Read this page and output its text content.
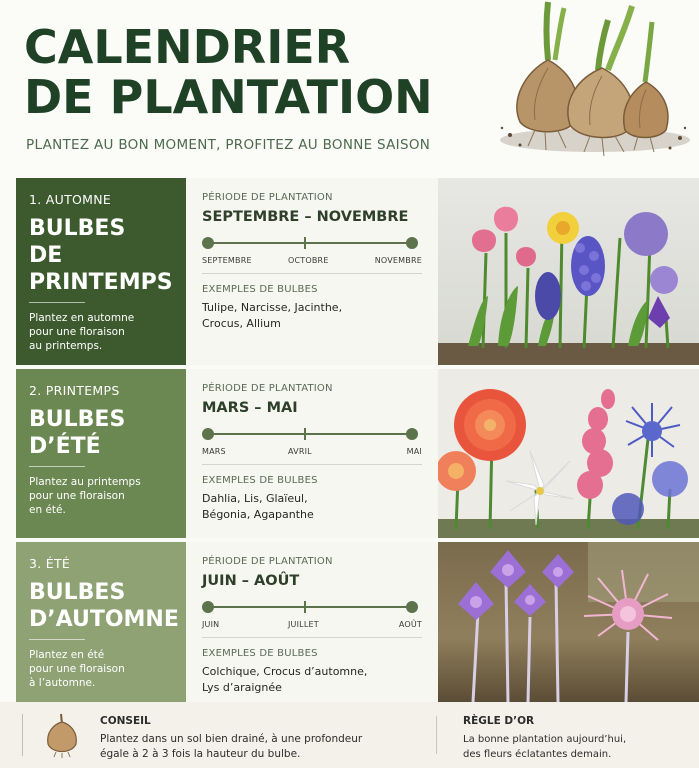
CALENDRIER
DE PLANTATION
PLANTEZ AU BON MOMENT, PROFITEZ AU BONNE SAISON
1. AUTOMNE
BULBES
DE
PRINTEMPS
Plantez en automne
pour une floraison
au printemps.
PÉRIODE DE PLANTATION
SEPTEMBRE – NOVEMBRE
SEPTEMBRE	OCTOBRE	NOVEMBRE
EXEMPLES DE BULBES
Tulipe, Narcisse, Jacinthe,
Crocus, Allium
2. PRINTEMPS
BULBES
D’ÉTÉ
Plantez au printemps
pour une floraison
en été.
PÉRIODE DE PLANTATION
MARS – MAI
MARS	AVRIL	MAI
EXEMPLES DE BULBES
Dahlia, Lis, Glaïeul,
Bégonia, Agapanthe
3. ÉTÉ
BULBES
D’AUTOMNE
Plantez en été
pour une floraison
à l’automne.
PÉRIODE DE PLANTATION
JUIN – AOÛT
JUIN	JUILLET	AOÛT
EXEMPLES DE BULBES
Colchique, Crocus d’automne,
Lys d’araignée
CONSEIL
Plantez dans un sol bien drainé, à une profondeur égale à 2 à 3 fois la hauteur du bulbe.
RÈGLE D’OR
La bonne plantation aujourd’hui,
des fleurs éclatantes demain.
